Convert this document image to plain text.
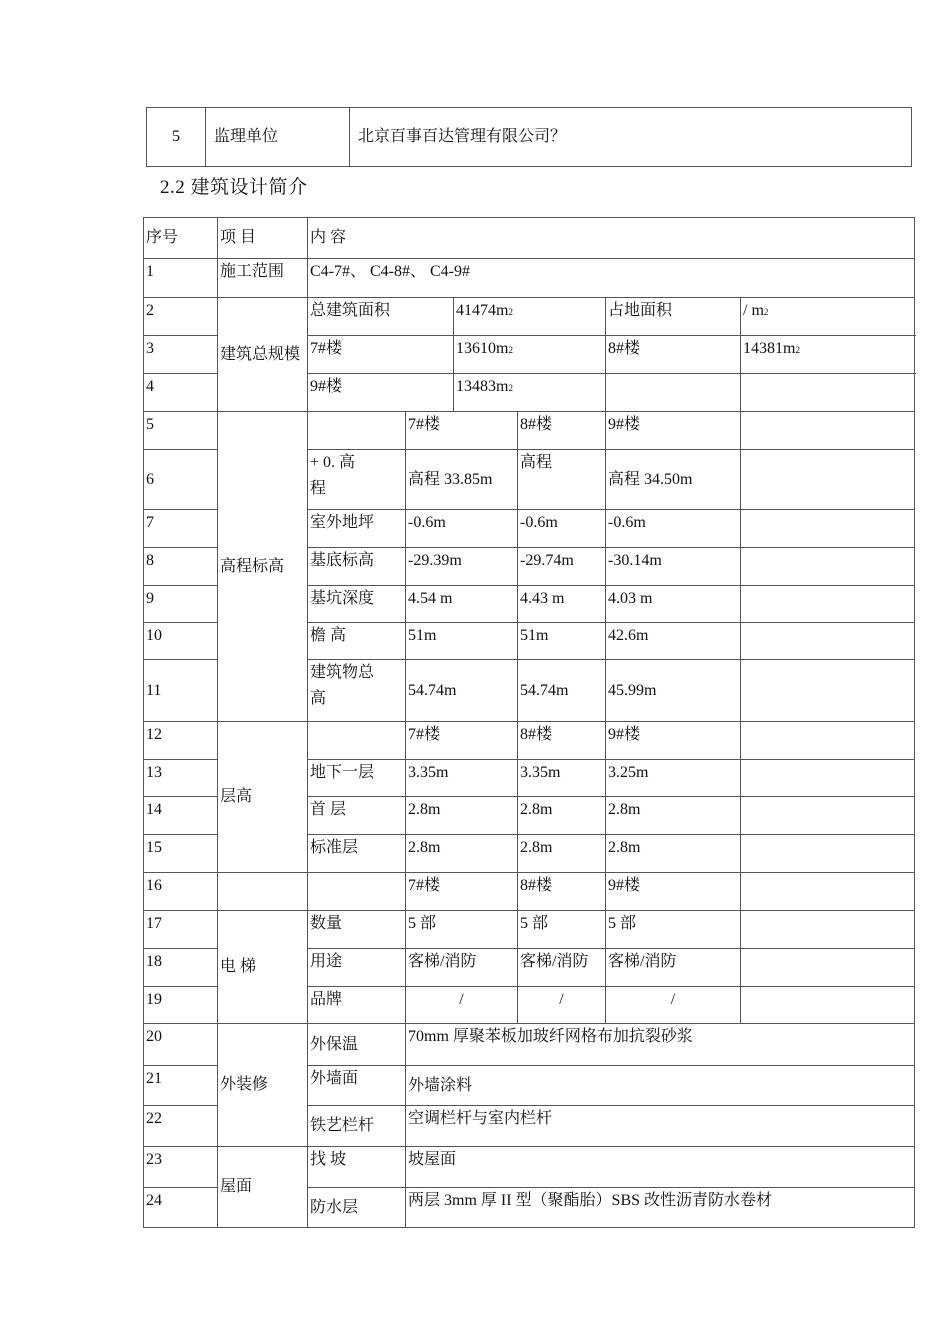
5	监理单位	北京百事百达管理有限公司？
2.2 建筑设计简介
序号	项 目	内 容					
1	施工范围	C4-7#、 C4-8#、 C4-9#					
2	建筑总规模	总建筑面积		41474m2		占地面积	/ m2
3		7#楼		13610m2		8#楼	14381m2
4		9#楼		13483m2			
5	高程标高		7#楼		8#楼	9#楼	
6		+ 0. 高程	高程 33.85m		高程	高程 34.50m	
7		室外地坪	-0.6m		-0.6m	-0.6m	
8		基底标高	-29.39m		-29.74m	-30.14m	
9		基坑深度	4.54 m		4.43 m	4.03 m	
10		檐 高	51m		51m	42.6m	
11		建筑物总高	54.74m		54.74m	45.99m	
12	层高		7#楼		8#楼	9#楼	
13		地下一层	3.35m		3.35m	3.25m	
14		首 层	2.8m		2.8m	2.8m	
15		标准层	2.8m		2.8m	2.8m	
16			7#楼		8#楼	9#楼	
17	电 梯	数量	5 部		5 部	5 部	
18		用途	客梯/消防		客梯/消防	客梯/消防	
19		品牌	/		/	/	
20	外装修	外保温	70mm 厚聚苯板加玻纤网格布加抗裂砂浆				
21		外墙面	外墙涂料				
22		铁艺栏杆	空调栏杆与室内栏杆				
23	屋面	找 坡	坡屋面				
24		防水层	两层 3mm 厚 II 型（聚酯胎）SBS 改性沥青防水卷材				
